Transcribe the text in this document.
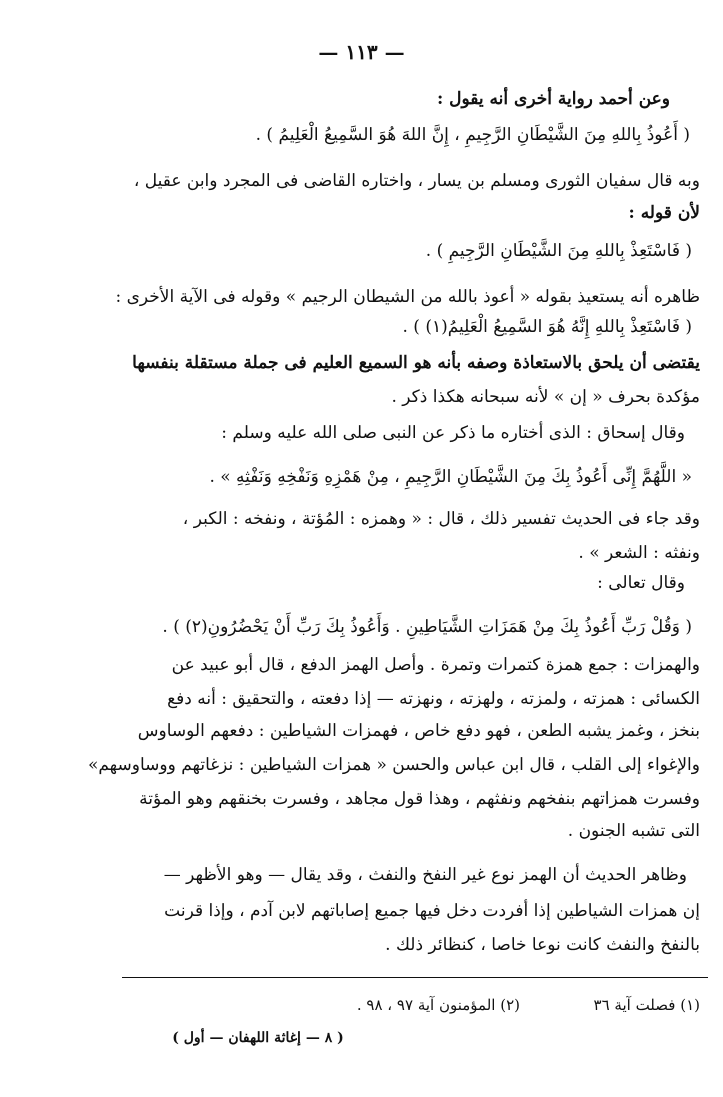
— ١١٣ —
وعن أحمد رواية أخرى أنه يقول :
( أَعُوذُ بِاللهِ مِنَ الشَّيْطَانِ الرَّجِيمِ ، إِنَّ اللهَ هُوَ السَّمِيعُ الْعَلِيمُ ) .
وبه قال سفيان الثورى ومسلم بن يسار ، واختاره القاضى فى المجرد وابن عقيل ،
لأن قوله :
( فَاسْتَعِذْ بِاللهِ مِنَ الشَّيْطَانِ الرَّجِيمِ ) .
ظاهره أنه يستعيذ بقوله « أعوذ بالله من الشيطان الرجيم » وقوله فى الآية الأخرى :
( فَاسْتَعِذْ بِاللهِ إِنَّهُ هُوَ السَّمِيعُ الْعَلِيمُ(١) ) .
يقتضى أن يلحق بالاستعاذة وصفه بأنه هو السميع العليم فى جملة مستقلة بنفسها
مؤكدة بحرف « إن » لأنه سبحانه هكذا ذكر .
وقال إسحاق : الذى أختاره ما ذكر عن النبى صلى الله عليه وسلم :
« اللَّهُمَّ إِنِّى أَعُوذُ بِكَ مِنَ الشَّيْطَانِ الرَّجِيمِ ، مِنْ هَمْزِهِ وَنَفْخِهِ وَنَفْثِهِ » .
وقد جاء فى الحديث تفسير ذلك ، قال : « وهمزه : المُؤتة ، ونفخه : الكبر ،
ونفثه : الشعر » .
وقال تعالى :
( وَقُلْ رَبِّ أَعُوذُ بِكَ مِنْ هَمَزَاتِ الشَّيَاطِينِ . وَأَعُوذُ بِكَ رَبِّ أَنْ يَحْضُرُونِ(٢) ) .
والهمزات : جمع همزة كتمرات وتمرة . وأصل الهمز الدفع ، قال أبو عبيد عن
الكسائى : همزته ، ولمزته ، ولهزته ، ونهزته — إذا دفعته ، والتحقيق : أنه دفع
بنخز ، وغمز يشبه الطعن ، فهو دفع خاص ، فهمزات الشياطين : دفعهم الوساوس
والإغواء إلى القلب ، قال ابن عباس والحسن « همزات الشياطين : نزغاتهم ووساوسهم»
وفسرت همزاتهم بنفخهم ونفثهم ، وهذا قول مجاهد ، وفسرت بخنقهم وهو المؤتة
التى تشبه الجنون .
وظاهر الحديث أن الهمز نوع غير النفخ والنفث ، وقد يقال — وهو الأظهر —
إن همزات الشياطين إذا أفردت دخل فيها جميع إصاباتهم لابن آدم ، وإذا قرنت
بالنفخ والنفث كانت نوعا خاصا ، كنظائر ذلك .
(١) فصلت آية ٣٦
(٢) المؤمنون آية ٩٧ ، ٩٨ .
( ٨ — إغاثة اللهفان — أول )
